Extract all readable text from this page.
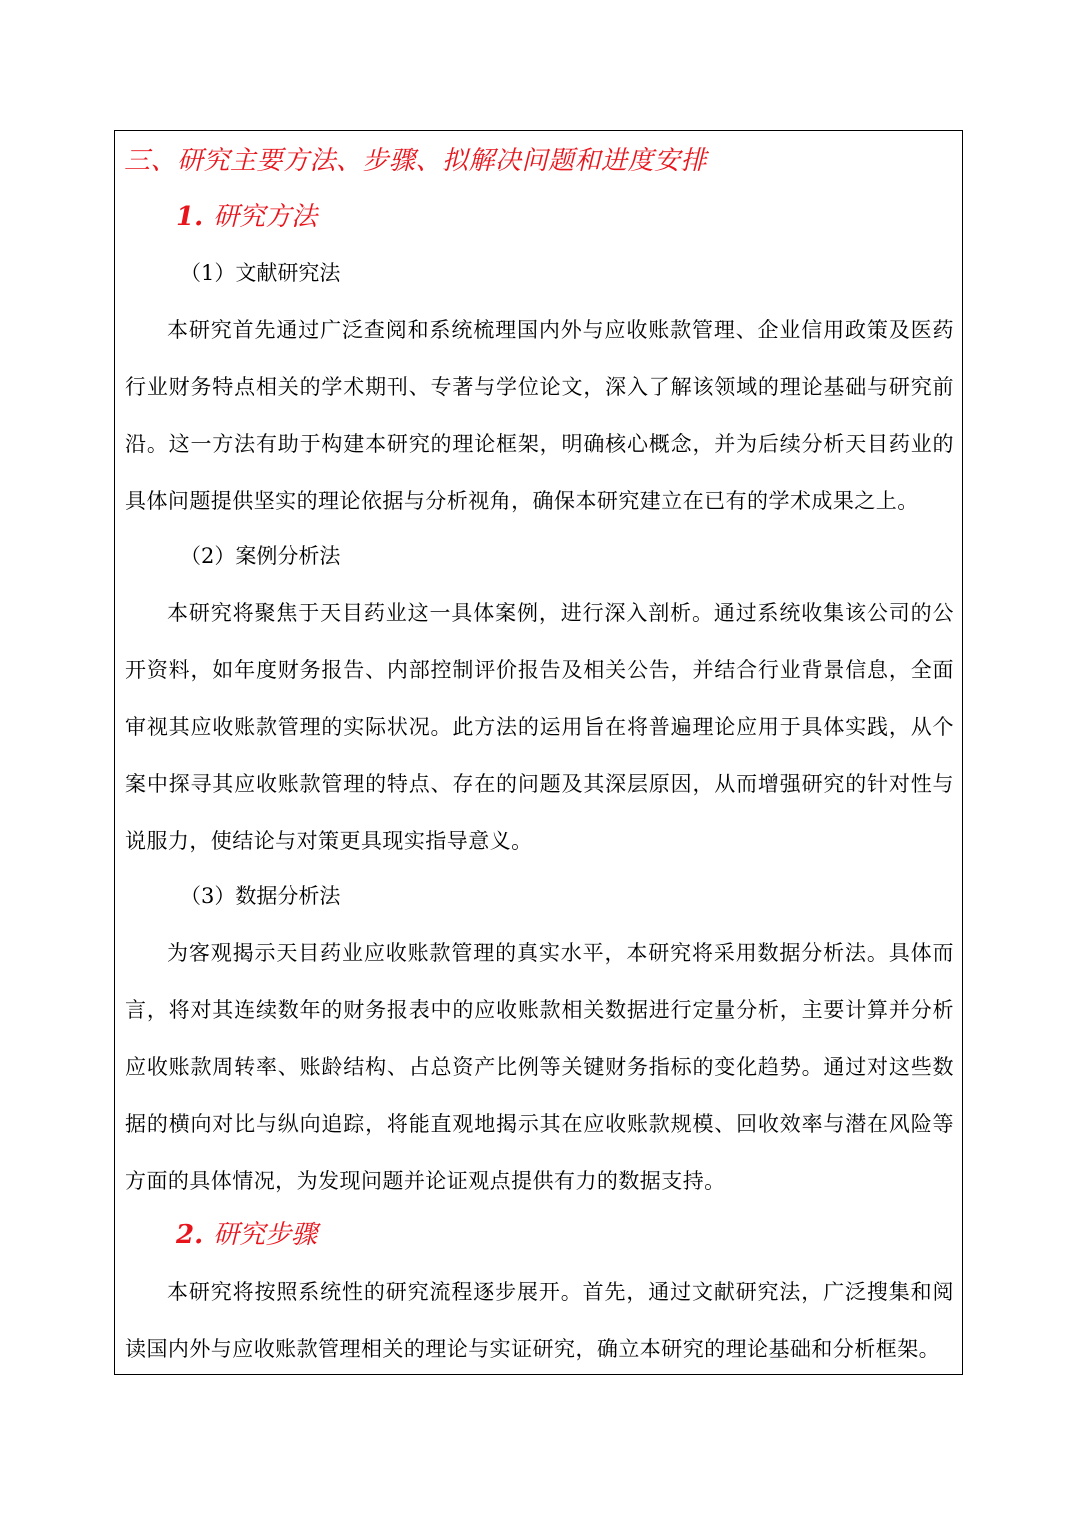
三、研究主要方法、步骤、拟解决问题和进度安排
1. 研究方法
（1）文献研究法
本研究首先通过广泛查阅和系统梳理国内外与应收账款管理、企业信用政策及医药行业财务特点相关的学术期刊、专著与学位论文，深入了解该领域的理论基础与研究前沿。这一方法有助于构建本研究的理论框架，明确核心概念，并为后续分析天目药业的具体问题提供坚实的理论依据与分析视角，确保本研究建立在已有的学术成果之上。
（2）案例分析法
本研究将聚焦于天目药业这一具体案例，进行深入剖析。通过系统收集该公司的公开资料，如年度财务报告、内部控制评价报告及相关公告，并结合行业背景信息，全面审视其应收账款管理的实际状况。此方法的运用旨在将普遍理论应用于具体实践，从个案中探寻其应收账款管理的特点、存在的问题及其深层原因，从而增强研究的针对性与说服力，使结论与对策更具现实指导意义。
（3）数据分析法
为客观揭示天目药业应收账款管理的真实水平，本研究将采用数据分析法。具体而言，将对其连续数年的财务报表中的应收账款相关数据进行定量分析，主要计算并分析应收账款周转率、账龄结构、占总资产比例等关键财务指标的变化趋势。通过对这些数据的横向对比与纵向追踪，将能直观地揭示其在应收账款规模、回收效率与潜在风险等方面的具体情况，为发现问题并论证观点提供有力的数据支持。
2. 研究步骤
本研究将按照系统性的研究流程逐步展开。首先，通过文献研究法，广泛搜集和阅读国内外与应收账款管理相关的理论与实证研究，确立本研究的理论基础和分析框架。
